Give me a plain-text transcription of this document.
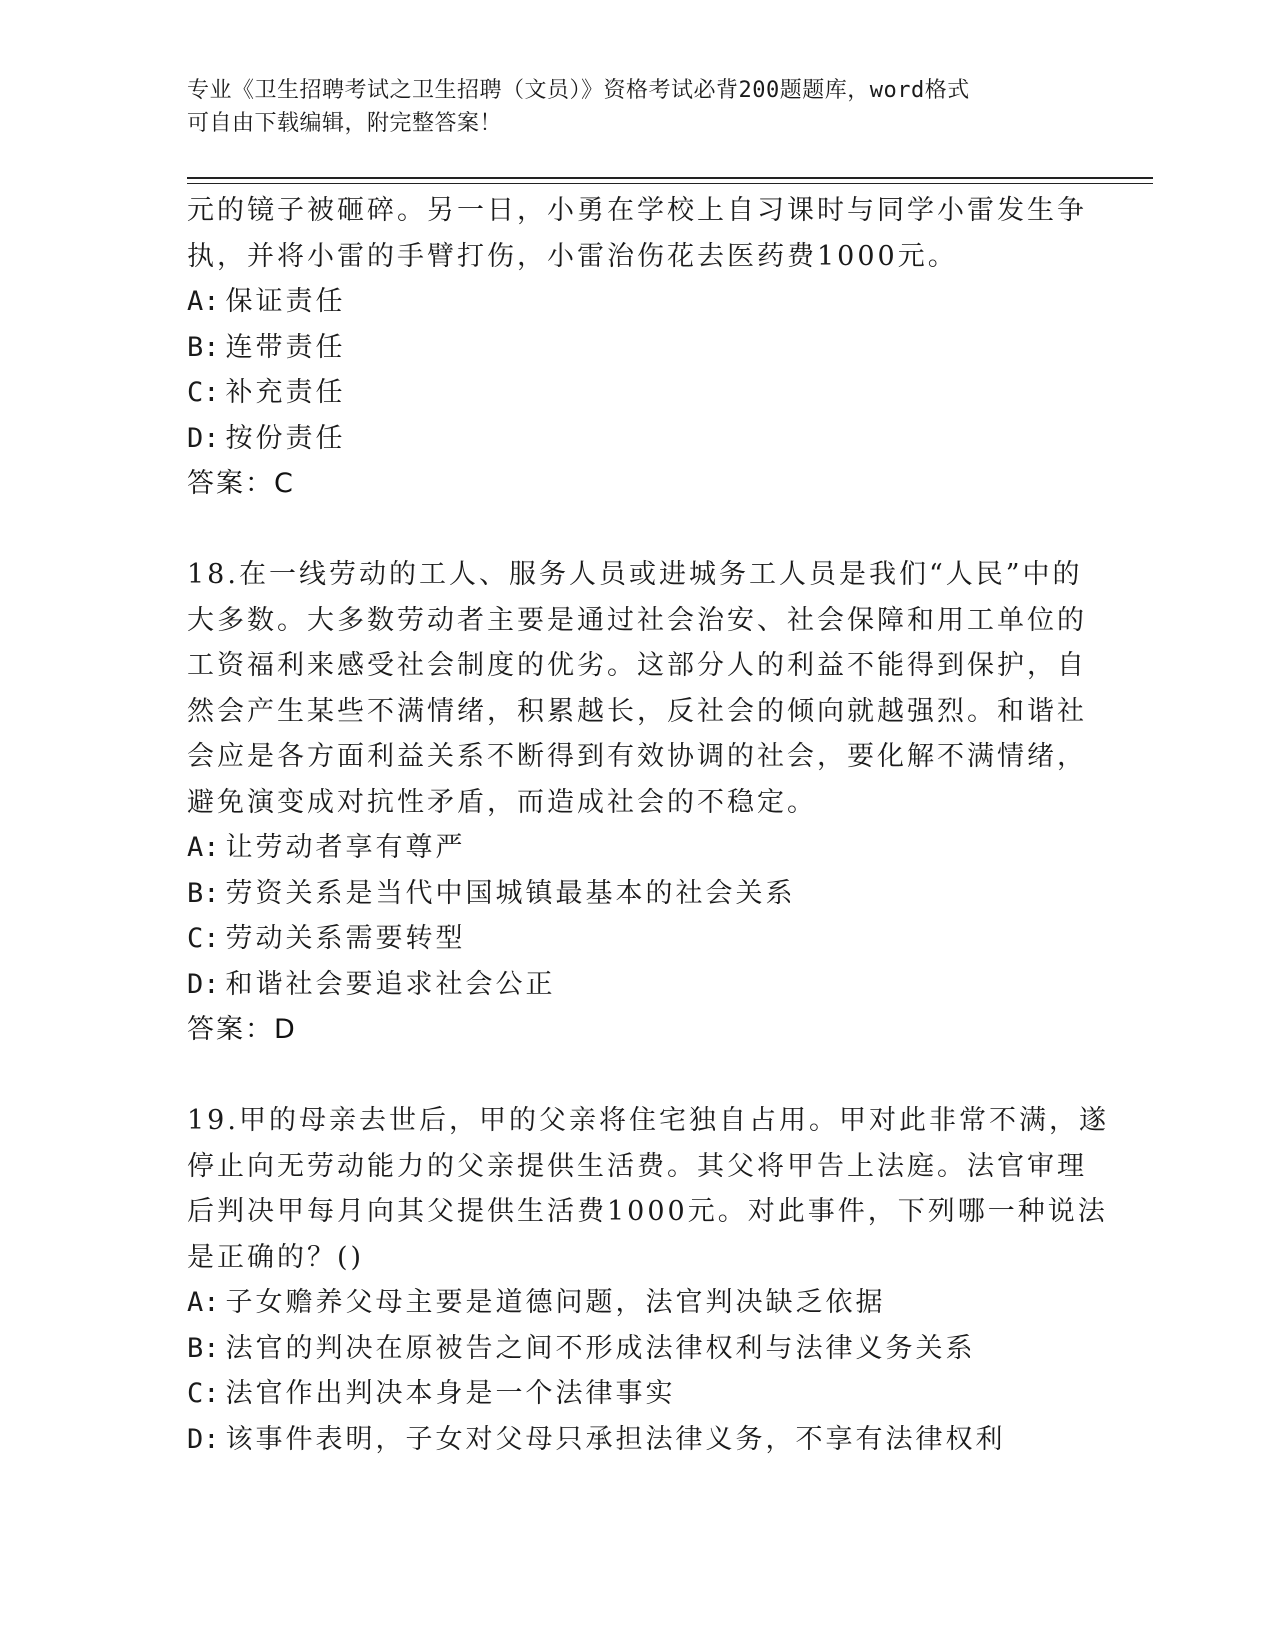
专业《卫生招聘考试之卫生招聘（文员）》资格考试必背200题题库，word格式
可自由下载编辑，附完整答案！
元的镜子被砸碎。另一日，小勇在学校上自习课时与同学小雷发生争
执，并将小雷的手臂打伤，小雷治伤花去医药费1000元。
A: 保证责任
B: 连带责任
C: 补充责任
D: 按份责任
答案：C
18.在一线劳动的工人、服务人员或进城务工人员是我们“人民”中的
大多数。大多数劳动者主要是通过社会治安、社会保障和用工单位的
工资福利来感受社会制度的优劣。这部分人的利益不能得到保护，自
然会产生某些不满情绪，积累越长，反社会的倾向就越强烈。和谐社
会应是各方面利益关系不断得到有效协调的社会，要化解不满情绪，
避免演变成对抗性矛盾，而造成社会的不稳定。
A: 让劳动者享有尊严
B: 劳资关系是当代中国城镇最基本的社会关系
C: 劳动关系需要转型
D: 和谐社会要追求社会公正
答案：D
19.甲的母亲去世后，甲的父亲将住宅独自占用。甲对此非常不满，遂
停止向无劳动能力的父亲提供生活费。其父将甲告上法庭。法官审理
后判决甲每月向其父提供生活费1000元。对此事件，下列哪一种说法
是正确的？()
A: 子女赡养父母主要是道德问题，法官判决缺乏依据
B: 法官的判决在原被告之间不形成法律权利与法律义务关系
C: 法官作出判决本身是一个法律事实
D: 该事件表明，子女对父母只承担法律义务，不享有法律权利
